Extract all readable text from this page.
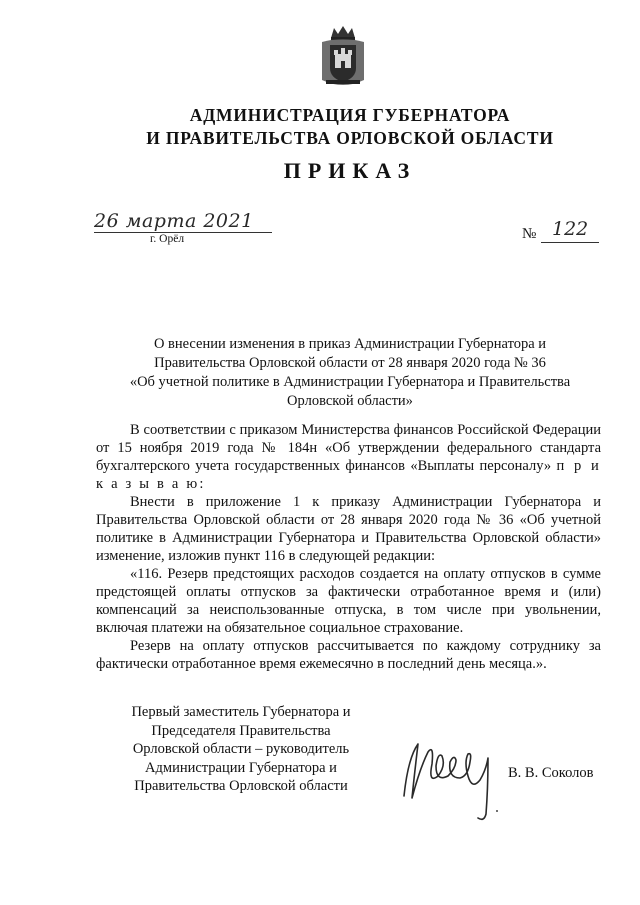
АДМИНИСТРАЦИЯ ГУБЕРНАТОРА
И ПРАВИТЕЛЬСТВА ОРЛОВСКОЙ ОБЛАСТИ
ПРИКАЗ
26 марта 2021
г. Орёл	№ 122
О внесении изменения в приказ Администрации Губернатора и
Правительства Орловской области от 28 января 2020 года № 36
«Об учетной политике в Администрации Губернатора и Правительства
Орловской области»

В соответствии с приказом Министерства финансов Российской Федерации от 15 ноября 2019 года № 184н «Об утверждении федерального стандарта бухгалтерского учета государственных финансов «Выплаты персоналу» п р и к а з ы в а ю:

Внести в приложение 1 к приказу Администрации Губернатора и Правительства Орловской области от 28 января 2020 года № 36 «Об учетной политике в Администрации Губернатора и Правительства Орловской области» изменение, изложив пункт 116 в следующей редакции:

«116. Резерв предстоящих расходов создается на оплату отпусков в сумме предстоящей оплаты отпусков за фактически отработанное время и (или) компенсаций за неиспользованные отпуска, в том числе при увольнении, включая платежи на обязательное социальное страхование.

Резерв на оплату отпусков рассчитывается по каждому сотруднику за фактически отработанное время ежемесячно в последний день месяца.».

Первый заместитель Губернатора и
Председателя Правительства
Орловской области – руководитель
Администрации Губернатора и
Правительства Орловской области
В. В. Соколов
